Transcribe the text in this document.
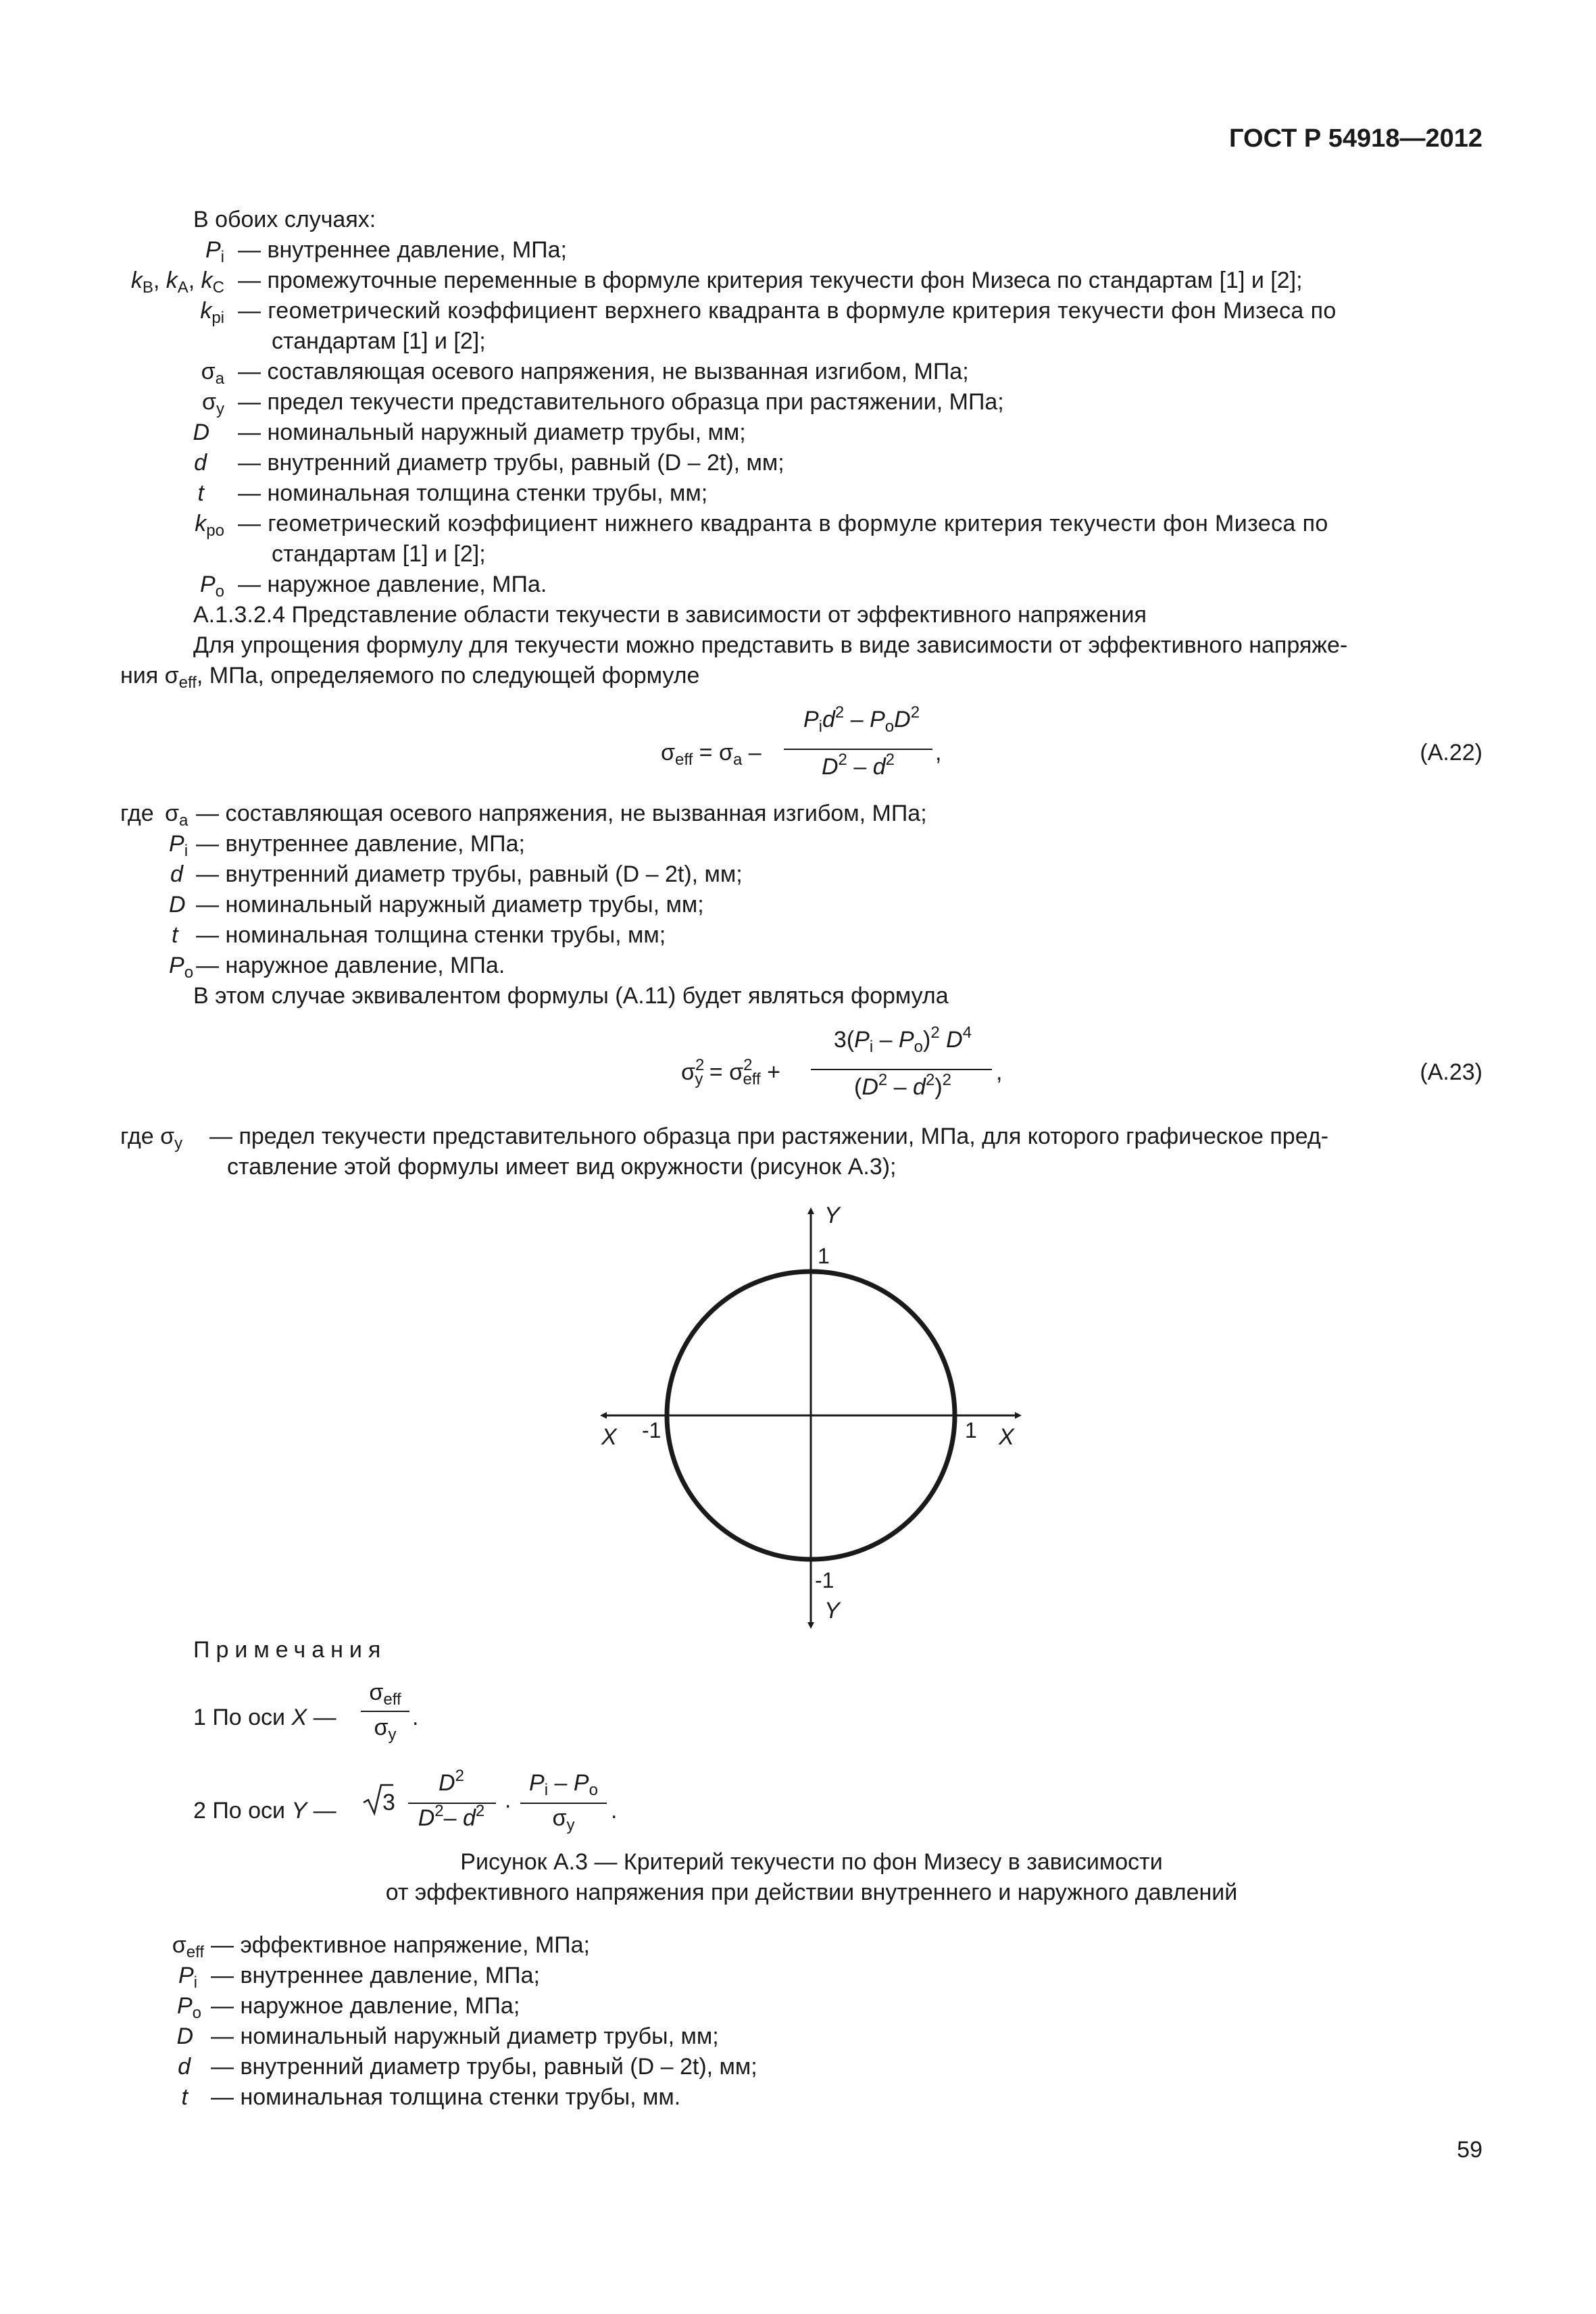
ГОСТ Р 54918—2012
В обоих случаях:
$P_i$ — внутреннее давление, МПа;
$k_B$, $k_A$, $k_C$ — промежуточные переменные в формуле критерия текучести фон Мизеса по стандартам [1] и [2];
$k_{pi}$ — геометрический коэффициент верхнего квадранта в формуле критерия текучести фон Мизеса по
стандартам [1] и [2];
$\sigma_a$ — составляющая осевого напряжения, не вызванная изгибом, МПа;
$\sigma_y$ — предел текучести представительного образца при растяжении, МПа;
D — номинальный наружный диаметр трубы, мм;
d — внутренний диаметр трубы, равный (D – 2t), мм;
t — номинальная толщина стенки трубы, мм;
$k_{po}$ — геометрический коэффициент нижнего квадранта в формуле критерия текучести фон Мизеса по
стандартам [1] и [2];
$P_o$ — наружное давление, МПа.
А.1.3.2.4 Представление области текучести в зависимости от эффективного напряжения
Для упрощения формулу для текучести можно представить в виде зависимости от эффективного напряже-
ния $\sigma_{eff}$, МПа, определяемого по следующей формуле
$\sigma_{eff} = \sigma_a$ –
$P_id^2 - P_oD^2$
$D^2 - d^2$	,	(А.22)
где $\sigma_a$ — составляющая осевого напряжения, не вызванная изгибом, МПа;
$P_i$ — внутреннее давление, МПа;
d — внутренний диаметр трубы, равный (D – 2t), мм;
D — номинальный наружный диаметр трубы, мм;
t — номинальная толщина стенки трубы, мм;
$P_o$ — наружное давление, МПа.
В этом случае эквивалентом формулы (А.11) будет являться формула
$\sigma^2_y = \sigma^2_{eff}$ +
$3(P_i - P_o)^2$ $D^4$
$(D^2 - d^2)^2$	,	(А.23)
где $\sigma_y$ — предел текучести представительного образца при растяжении, МПа, для которого графическое пред-
ставление этой формулы имеет вид окружности (рисунок А.3);
Y
1
X -1	1 X
-1
Y
Примечания
1 По оси X —
$\sigma_{eff}$
$\sigma_y$
.
2 По оси Y — 3
$D^2$
$D^2-$ $d^2$ ·
$P_i - P_o$
$\sigma_y$
.
Рисунок А.3 — Критерий текучести по фон Мизесу в зависимости
от эффективного напряжения при действии внутреннего и наружного давлений
$\sigma_{eff}$ — эффективное напряжение, МПа;
$P_i$ — внутреннее давление, МПа;
$P_o$ — наружное давление, МПа;
D — номинальный наружный диаметр трубы, мм;
d — внутренний диаметр трубы, равный (D – 2t), мм;
t — номинальная толщина стенки трубы, мм.
59
